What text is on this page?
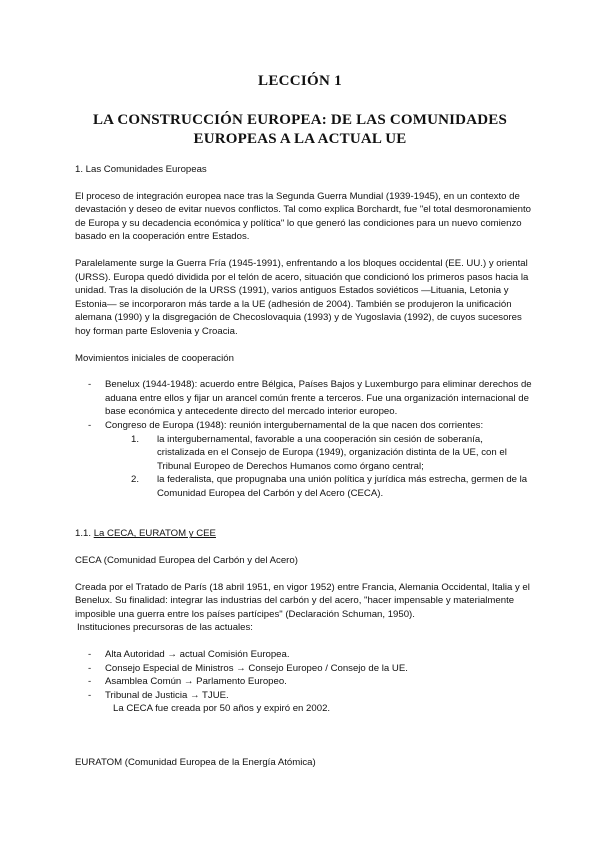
LECCIÓN 1
LA CONSTRUCCIÓN EUROPEA: DE LAS COMUNIDADES EUROPEAS A LA ACTUAL UE

1. Las Comunidades Europeas

El proceso de integración europea nace tras la Segunda Guerra Mundial (1939-1945), en un contexto de devastación y deseo de evitar nuevos conflictos. Tal como explica Borchardt, fue "el total desmoronamiento de Europa y su decadencia económica y política" lo que generó las condiciones para un nuevo comienzo basado en la cooperación entre Estados.

Paralelamente surge la Guerra Fría (1945-1991), enfrentando a los bloques occidental (EE. UU.) y oriental (URSS). Europa quedó dividida por el telón de acero, situación que condicionó los primeros pasos hacia la unidad. Tras la disolución de la URSS (1991), varios antiguos Estados soviéticos —Lituania, Letonia y Estonia— se incorporaron más tarde a la UE (adhesión de 2004). También se produjeron la unificación alemana (1990) y la disgregación de Checoslovaquia (1993) y de Yugoslavia (1992), de cuyos sucesores hoy forman parte Eslovenia y Croacia.

Movimientos iniciales de cooperación

- Benelux (1944-1948): acuerdo entre Bélgica, Países Bajos y Luxemburgo para eliminar derechos de aduana entre ellos y fijar un arancel común frente a terceros. Fue una organización internacional de base económica y antecedente directo del mercado interior europeo.
- Congreso de Europa (1948): reunión intergubernamental de la que nacen dos corrientes:
1. la intergubernamental, favorable a una cooperación sin cesión de soberanía, cristalizada en el Consejo de Europa (1949), organización distinta de la UE, con el Tribunal Europeo de Derechos Humanos como órgano central;
2. la federalista, que propugnaba una unión política y jurídica más estrecha, germen de la Comunidad Europea del Carbón y del Acero (CECA).

1.1. La CECA, EURATOM y CEE

CECA (Comunidad Europea del Carbón y del Acero)

Creada por el Tratado de París (18 abril 1951, en vigor 1952) entre Francia, Alemania Occidental, Italia y el Benelux. Su finalidad: integrar las industrias del carbón y del acero, "hacer impensable y materialmente imposible una guerra entre los países partícipes" (Declaración Schuman, 1950).

Instituciones precursoras de las actuales:

- Alta Autoridad → actual Comisión Europea.
- Consejo Especial de Ministros → Consejo Europeo / Consejo de la UE.
- Asamblea Común → Parlamento Europeo.
- Tribunal de Justicia → TJUE.

La CECA fue creada por 50 años y expiró en 2002.

EURATOM (Comunidad Europea de la Energía Atómica)
